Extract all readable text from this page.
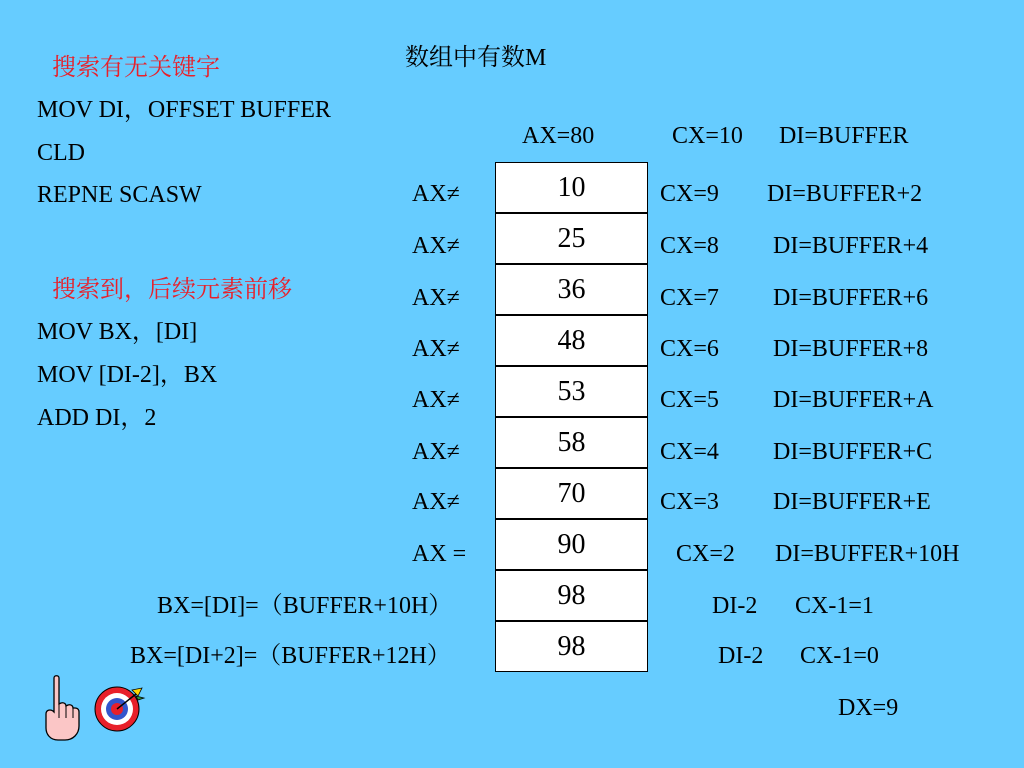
数组中有数M
搜索有无关键字
MOV DI，OFFSET BUFFER
CLD
REPNE SCASW
搜索到，后续元素前移
MOV BX，[DI]
MOV [DI-2]，BX
ADD DI，2
AX=80	CX=10 DI=BUFFER
AX≠
AX≠
AX≠
AX≠
AX≠
AX≠
AX≠
AX =
10
25
36
48
53
58
70
90
98
98
CX=9
CX=8
CX=7
CX=6
CX=5
CX=4
CX=3
CX=2
DI=BUFFER+2
DI=BUFFER+4
DI=BUFFER+6
DI=BUFFER+8
DI=BUFFER+A
DI=BUFFER+C
DI=BUFFER+E
DI=BUFFER+10H
BX=[DI]=（BUFFER+10H）
BX=[DI+2]=（BUFFER+12H）
DI-2 CX-1=1
DI-2 CX-1=0
DX=9
